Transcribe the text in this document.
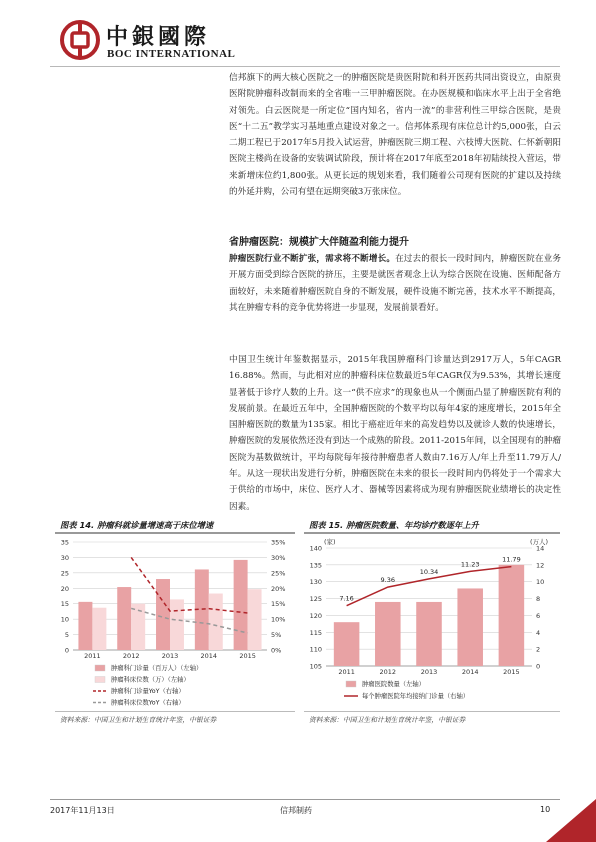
中銀國際
BOC INTERNATIONAL

信邦旗下的两大核心医院之一的肿瘤医院是贵医附院和科开医药共同出资设立，由原贵医附院肿瘤科改制而来的全省唯一三甲肿瘤医院。在办医规模和临床水平上出于全省绝对领先。白云医院是一所定位“国内知名，省内一流”的非营利性三甲综合医院，是贵医“十二五”教学实习基地重点建设对象之一。信邦体系现有床位总计约5,000张，白云二期工程已于2017年5月投入试运营，肿瘤医院三期工程、六枝博大医院、仁怀新朝阳医院主楼尚在设备的安装调试阶段，预计将在2017年底至2018年初陆续投入营运，带来新增床位约1,800张。从更长远的规划来看，我们随着公司现有医院的扩建以及持续的外延并购，公司有望在远期突破3万张床位。

省肿瘤医院：规模扩大伴随盈利能力提升

肿瘤医院行业不断扩张，需求将不断增长。在过去的很长一段时间内，肿瘤医院在业务开展方面受到综合医院的挤压，主要是就医者观念上认为综合医院在设施、医师配备方面较好，未来随着肿瘤医院自身的不断发展，硬件设施不断完善，技术水平不断提高，其在肿瘤专科的竞争优势将进一步显现，发展前景看好。

中国卫生统计年鉴数据显示，2015年我国肿瘤科门诊量达到2917万人，5年CAGR 16.88%。然而，与此相对应的肿瘤科床位数最近5年CAGR仅为9.53%，其增长速度显著低于诊疗人数的上升。这一“供不应求”的现象也从一个侧面凸显了肿瘤医院有利的发展前景。在最近五年中，全国肿瘤医院的个数平均以每年4家的速度增长，2015年全国肿瘤医院的数量为135家。相比于癌症近年来的高发趋势以及就诊人数的快速增长，肿瘤医院的发展依然还没有到达一个成熟的阶段。2011-2015年间，以全国现有的肿瘤医院为基数做统计，平均每院每年接待肿瘤患者人数由7.16万人/年上升至11.79万人/年。从这一现状出发进行分析，肿瘤医院在未来的很长一段时间内仍将处于一个需求大于供给的市场中，床位、医疗人才、器械等因素将成为现有肿瘤医院业绩增长的决定性因素。

图表 14. 肿瘤科就诊量增速高于床位增速
0
5
10
15
20
25
30
35
0%
5%
10%
15%
20%
25%
30%
35%
2011	2012	2013	2014	2015
肿瘤科门诊量（百万人）（左轴）
肿瘤科床位数（万）（左轴）
肿瘤科门诊量YoY（右轴）
肿瘤科床位数YoY（右轴）
资料来源：中国卫生和计划生育统计年鉴，中银证券
图表 15. 肿瘤医院数量、年均诊疗数逐年上升
105
110
115
120
125
130
135
140
0
2
4
6
8
10
12
14
2011	2012	2013	2014	2015
7.16
9.36
10.34
11.23
11.79
(家)	(万人)
肿瘤医院数量（左轴）
每个肿瘤医院年均接纳门诊量（右轴）
资料来源：中国卫生和计划生育统计年鉴，中银证券
2017年11月13日	信邦制药	10
